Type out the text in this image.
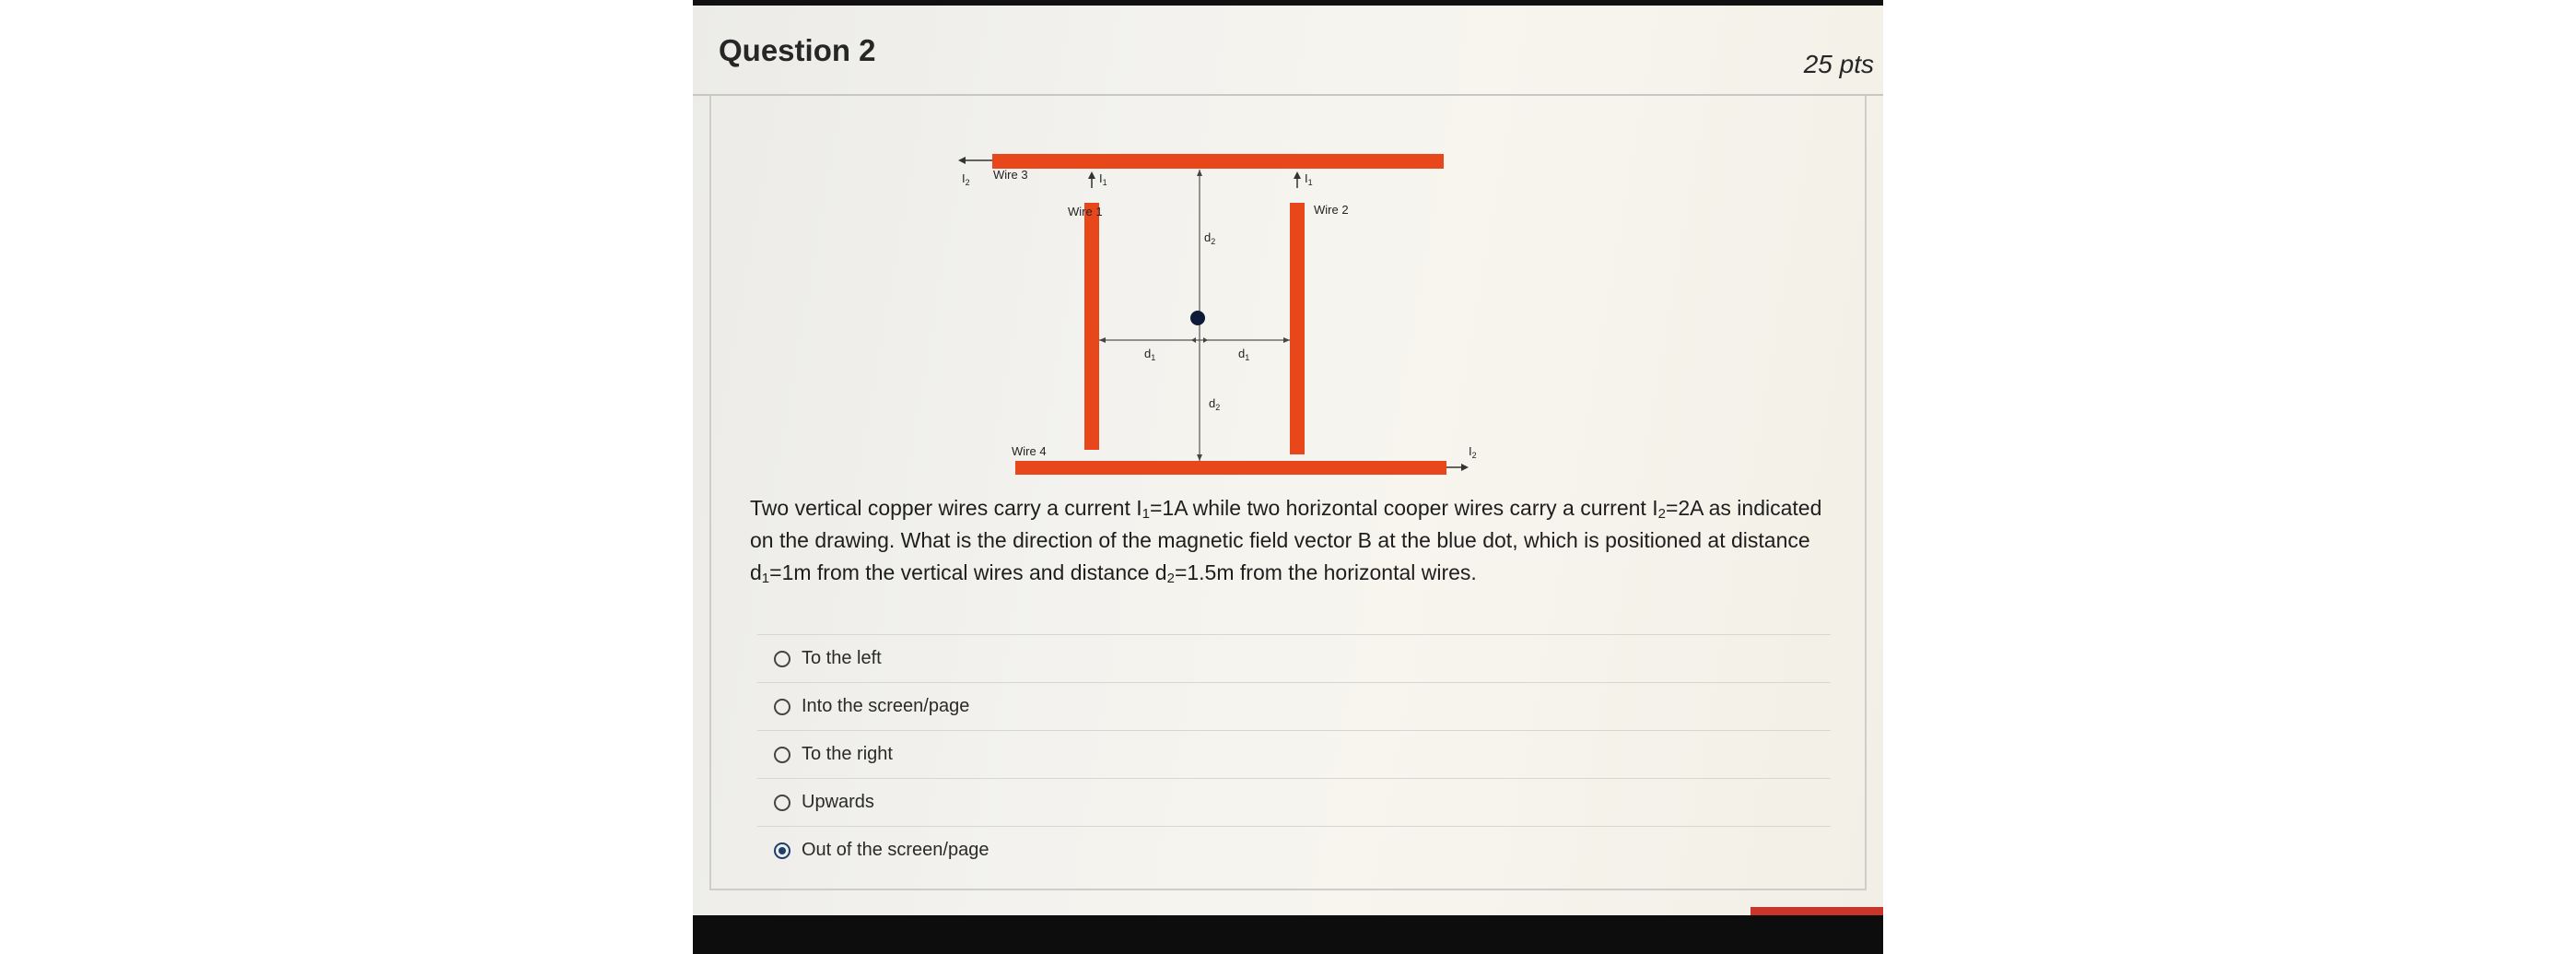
Question 2	25 pts
$I_2$
Wire 3
Wire 1	Wire 2
Wire 4	$I_2$
$I_1$	$I_1$
$d_2$
$d_1$	$d_1$
$d_2$
Two vertical copper wires carry a current $I_1=1A$ while two horizontal cooper wires carry a current $I_2=2A$ as indicated on the drawing. What is the direction of the magnetic field vector B at the blue dot, which is positioned at distance $d_1=1m$ from the vertical wires and distance $d_2=1.5m$ from the horizontal wires.
To the left
Into the screen/page
To the right
Upwards
Out of the screen/page
